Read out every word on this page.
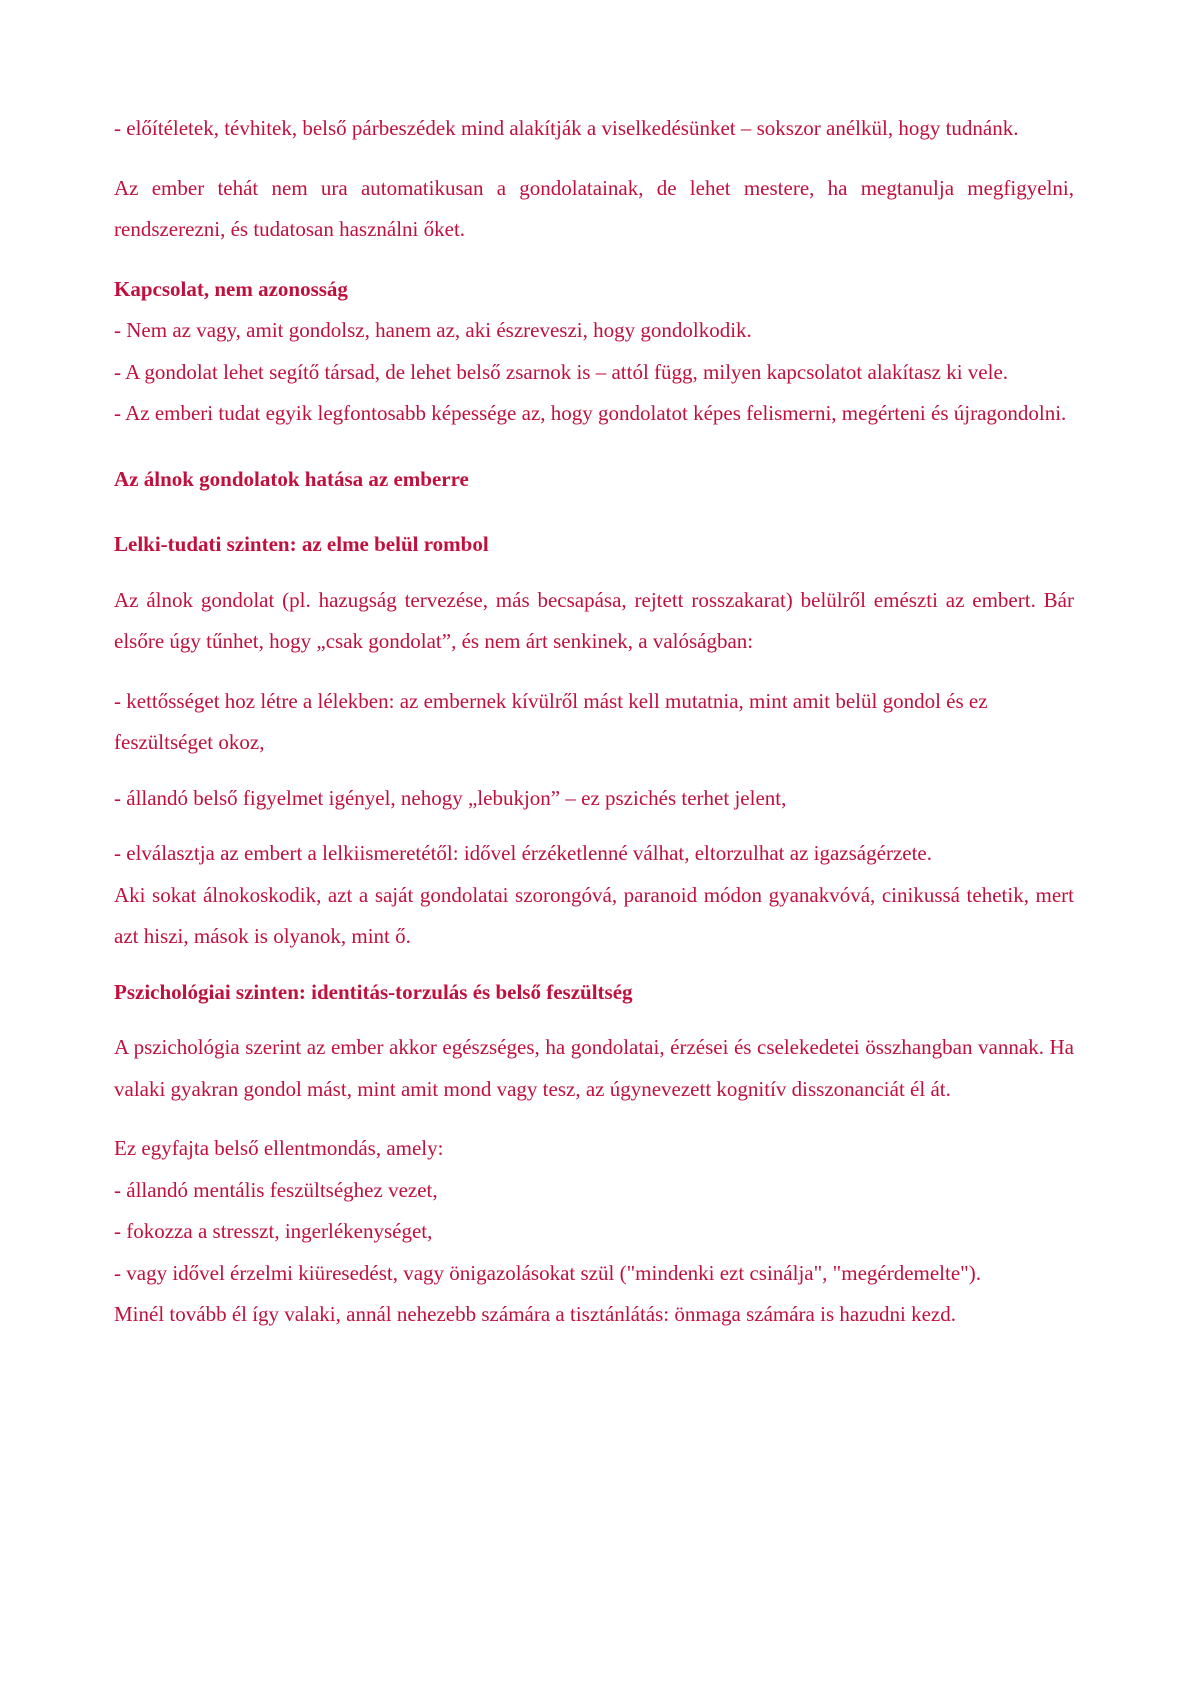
- előítéletek, tévhitek, belső párbeszédek mind alakítják a viselkedésünket – sokszor anélkül, hogy tudnánk.

Az ember tehát nem ura automatikusan a gondolatainak, de lehet mestere, ha megtanulja megfigyelni, rendszerezni, és tudatosan használni őket.

Kapcsolat, nem azonosság

- Nem az vagy, amit gondolsz, hanem az, aki észreveszi, hogy gondolkodik.

- A gondolat lehet segítő társad, de lehet belső zsarnok is – attól függ, milyen kapcsolatot alakítasz ki vele.

- Az emberi tudat egyik legfontosabb képessége az, hogy gondolatot képes felismerni, megérteni és újragondolni.

Az álnok gondolatok hatása az emberre
Lelki-tudati szinten: az elme belül rombol

Az álnok gondolat (pl. hazugság tervezése, más becsapása, rejtett rosszakarat) belülről emészti az embert. Bár elsőre úgy tűnhet, hogy „csak gondolat”, és nem árt senkinek, a valóságban:

- kettősséget hoz létre a lélekben: az embernek kívülről mást kell mutatnia, mint amit belül gondol és ez feszültséget okoz,

- állandó belső figyelmet igényel, nehogy „lebukjon” – ez pszichés terhet jelent,

- elválasztja az embert a lelkiismeretétől: idővel érzéketlenné válhat, eltorzulhat az igazságérzete.

Aki sokat álnokoskodik, azt a saját gondolatai szorongóvá, paranoid módon gyanakvóvá, cinikussá tehetik, mert azt hiszi, mások is olyanok, mint ő.

Pszichológiai szinten: identitás-torzulás és belső feszültség

A pszichológia szerint az ember akkor egészséges, ha gondolatai, érzései és cselekedetei összhangban vannak. Ha valaki gyakran gondol mást, mint amit mond vagy tesz, az úgynevezett kognitív disszonanciát él át.

Ez egyfajta belső ellentmondás, amely:

- állandó mentális feszültséghez vezet,

- fokozza a stresszt, ingerlékenységet,

- vagy idővel érzelmi kiüresedést, vagy önigazolásokat szül ("mindenki ezt csinálja", "megérdemelte").

Minél tovább él így valaki, annál nehezebb számára a tisztánlátás: önmaga számára is hazudni kezd.
